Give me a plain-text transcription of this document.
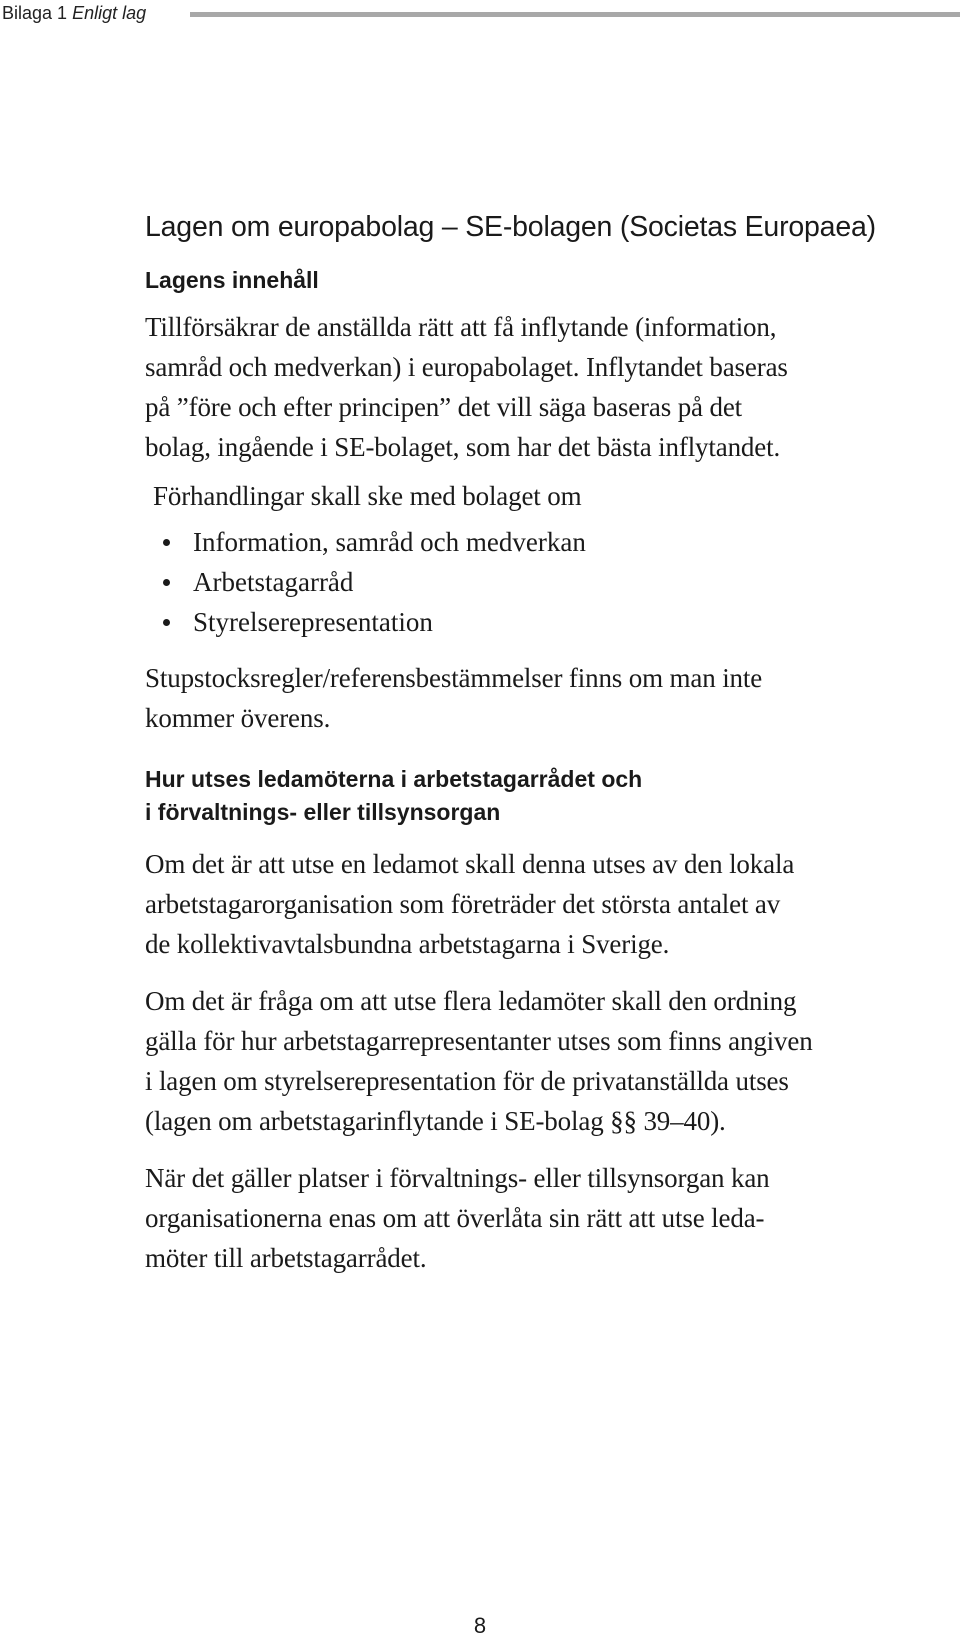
Bilaga 1 Enligt lag
Lagen om europabolag – SE-bolagen (Societas Europaea)
Lagens innehåll

Tillförsäkrar de anställda rätt att få inflytande (information,
samråd och medverkan) i europabolaget. Inflytandet baseras
på ”före och efter principen” det vill säga baseras på det
bolag, ingående i SE-bolaget, som har det bästa inflytandet.

Förhandlingar skall ske med bolaget om

Information, samråd och medverkan
Arbetstagarråd
Styrelserepresentation

Stupstocksregler/referensbestämmelser finns om man inte
kommer överens.

Hur utses ledamöterna i arbetstagarrådet och
i förvaltnings- eller tillsynsorgan

Om det är att utse en ledamot skall denna utses av den lokala
arbetstagarorganisation som företräder det största antalet av
de kollektivavtalsbundna arbetstagarna i Sverige.

Om det är fråga om att utse flera ledamöter skall den ordning
gälla för hur arbetstagarrepresentanter utses som finns angiven
i lagen om styrelserepresentation för de privatanställda utses
(lagen om arbetstagarinflytande i SE-bolag §§ 39–40).

När det gäller platser i förvaltnings- eller tillsynsorgan kan
organisationerna enas om att överlåta sin rätt att utse leda-
möter till arbetstagarrådet.

8
